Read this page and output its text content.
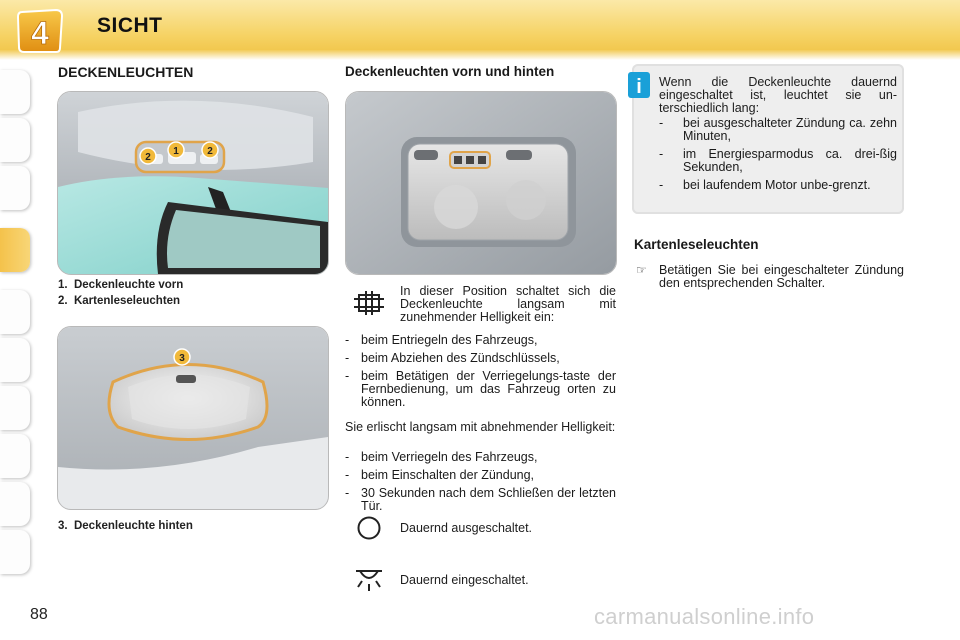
4 SICHT
DECKENLEUCHTEN
2
1	2
1. Deckenleuchte vorn
2. Kartenleseleuchten
3
3. Deckenleuchte hinten
Deckenleuchten vorn und hinten
In dieser Position schaltet sich die Deckenleuchte langsam mit zunehmender Helligkeit ein:
- beim Entriegeln des Fahrzeugs,
- beim Abziehen des Zündschlüssels,
- beim Betätigen der Verriegelungs-taste der Fernbedienung, um das Fahrzeug orten zu können.
Sie erlischt langsam mit abnehmender Helligkeit:
- beim Verriegeln des Fahrzeugs,
- beim Einschalten der Zündung,
- 30 Sekunden nach dem Schließen der letzten Tür.
Dauernd ausgeschaltet.
Dauernd eingeschaltet.
i Wenn die Deckenleuchte dauernd eingeschaltet ist, leuchtet sie un-terschiedlich lang:
- bei ausgeschalteter Zündung ca. zehn Minuten,
- im Energiesparmodus ca. drei-ßig Sekunden,
- bei laufendem Motor unbe-grenzt.
Kartenleseleuchten
☞ Betätigen Sie bei eingeschalteter Zündung den entsprechenden Schalter.
88	carmanualsonline.info
